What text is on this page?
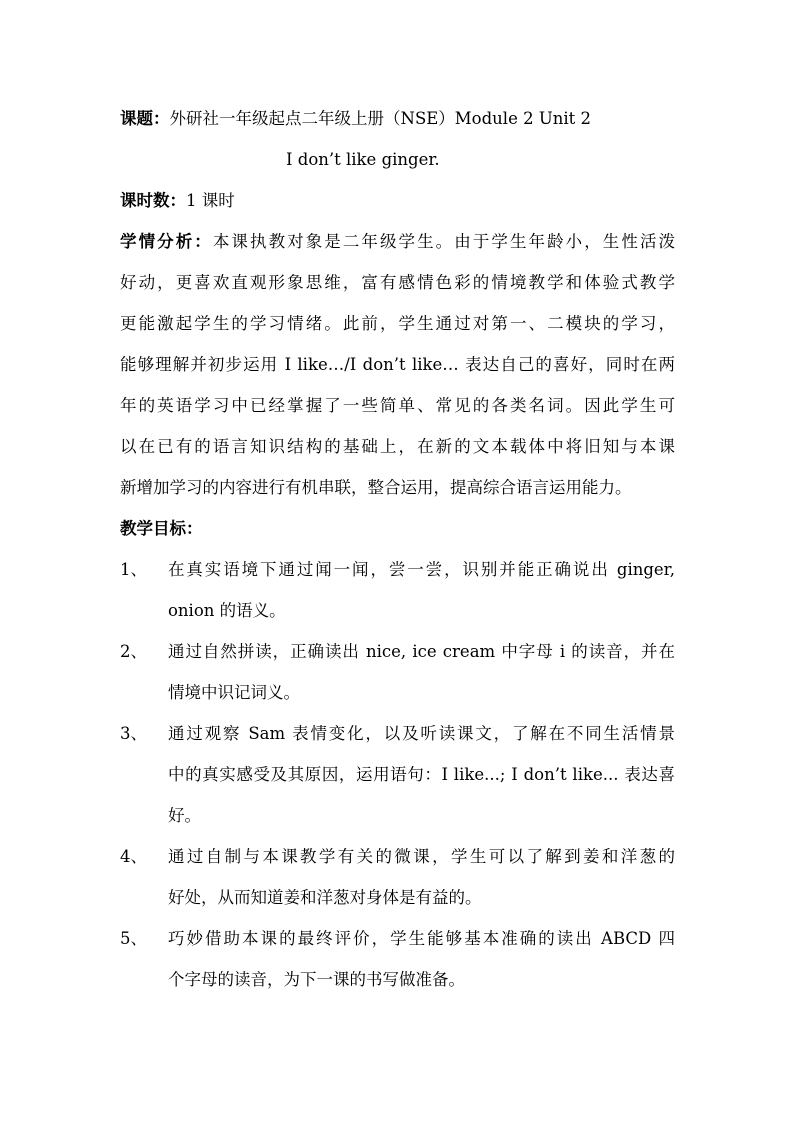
课题：外研社一年级起点二年级上册（NSE）Module 2 Unit 2
I don’t like ginger.
课时数：1 课时
学情分析：本课执教对象是二年级学生。由于学生年龄小，生性活泼
好动，更喜欢直观形象思维，富有感情色彩的情境教学和体验式教学
更能激起学生的学习情绪。此前，学生通过对第一、二模块的学习，
能够理解并初步运用 I like…/I don’t like… 表达自己的喜好，同时在两
年的英语学习中已经掌握了一些简单、常见的各类名词。因此学生可
以在已有的语言知识结构的基础上，在新的文本载体中将旧知与本课
新增加学习的内容进行有机串联，整合运用，提高综合语言运用能力。
教学目标：
1、	在真实语境下通过闻一闻，尝一尝，识别并能正确说出 ginger,
onion 的语义。
2、	通过自然拼读，正确读出 nice, ice cream 中字母 i 的读音，并在
情境中识记词义。
3、	通过观察 Sam 表情变化，以及听读课文，了解在不同生活情景
中的真实感受及其原因，运用语句：I like...; I don’t like... 表达喜
好。
4、	通过自制与本课教学有关的微课，学生可以了解到姜和洋葱的
好处，从而知道姜和洋葱对身体是有益的。
5、	巧妙借助本课的最终评价，学生能够基本准确的读出 ABCD 四
个字母的读音，为下一课的书写做准备。
